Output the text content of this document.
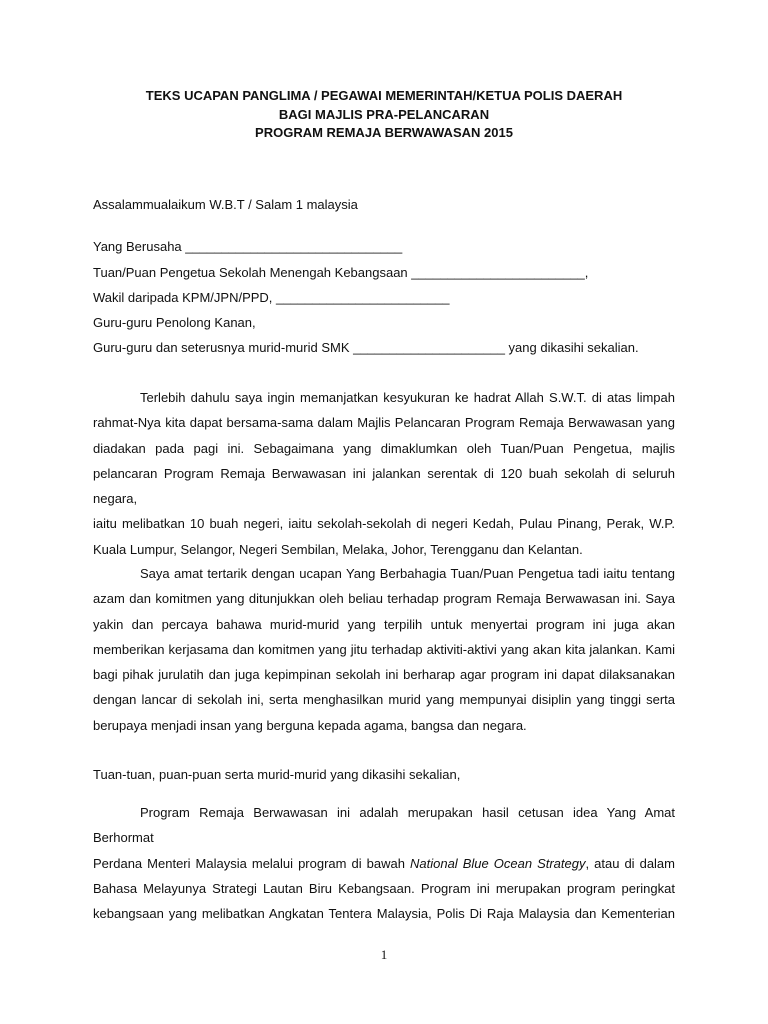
TEKS UCAPAN PANGLIMA / PEGAWAI MEMERINTAH/KETUA POLIS DAERAH
BAGI MAJLIS PRA-PELANCARAN
PROGRAM REMAJA BERWAWASAN 2015
Assalammualaikum W.B.T / Salam 1 malaysia
Yang Berusaha ______________________________
Tuan/Puan Pengetua Sekolah Menengah Kebangsaan ________________________,
Wakil daripada KPM/JPN/PPD, ________________________
Guru-guru Penolong Kanan,
Guru-guru dan seterusnya murid-murid SMK _____________________ yang dikasihi sekalian.
Terlebih dahulu saya ingin memanjatkan kesyukuran ke hadrat Allah S.W.T. di atas limpah
rahmat-Nya kita dapat bersama-sama dalam Majlis Pelancaran Program Remaja Berwawasan yang
diadakan pada pagi ini. Sebagaimana yang dimaklumkan oleh Tuan/Puan Pengetua, majlis
pelancaran Program Remaja Berwawasan ini jalankan serentak di 120 buah sekolah di seluruh negara,
iaitu melibatkan 10 buah negeri, iaitu sekolah-sekolah di negeri Kedah, Pulau Pinang, Perak, W.P.
Kuala Lumpur, Selangor, Negeri Sembilan, Melaka, Johor, Terengganu dan Kelantan.
Saya amat tertarik dengan ucapan Yang Berbahagia Tuan/Puan Pengetua tadi iaitu tentang
azam dan komitmen yang ditunjukkan oleh beliau terhadap program Remaja Berwawasan ini. Saya
yakin dan percaya bahawa murid-murid yang terpilih untuk menyertai program ini juga akan
memberikan kerjasama dan komitmen yang jitu terhadap aktiviti-aktivi yang akan kita jalankan. Kami
bagi pihak jurulatih dan juga kepimpinan sekolah ini berharap agar program ini dapat dilaksanakan
dengan lancar di sekolah ini, serta menghasilkan murid yang mempunyai disiplin yang tinggi serta
berupaya menjadi insan yang berguna kepada agama, bangsa dan negara.
Tuan-tuan, puan-puan serta murid-murid yang dikasihi sekalian,
Program Remaja Berwawasan ini adalah merupakan hasil cetusan idea Yang Amat Berhormat
Perdana Menteri Malaysia melalui program di bawah National Blue Ocean Strategy, atau di dalam
Bahasa Melayunya Strategi Lautan Biru Kebangsaan. Program ini merupakan program peringkat
kebangsaan yang melibatkan Angkatan Tentera Malaysia, Polis Di Raja Malaysia dan Kementerian
1
